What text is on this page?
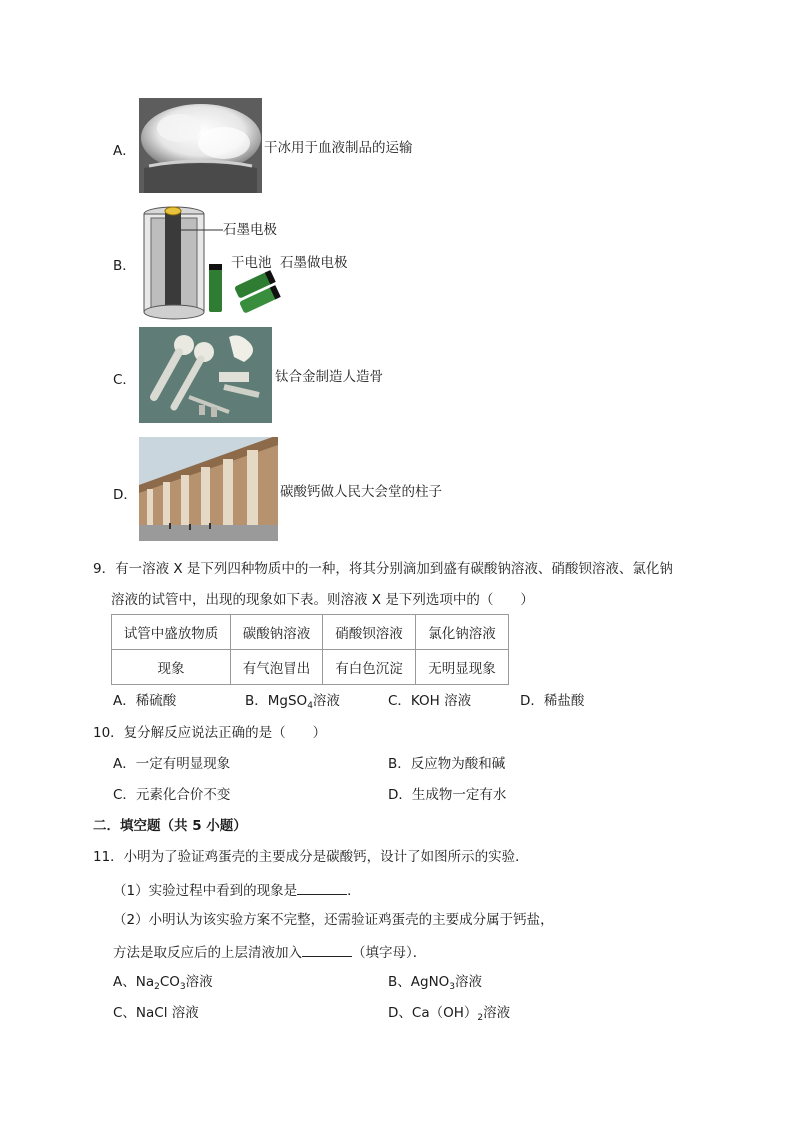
A．	干冰用于血液制品的运输
B．
石墨电极
干电池 石墨做电极
C．	钛合金制造人造骨
D．	碳酸钙做人民大会堂的柱子
9．有一溶液 X 是下列四种物质中的一种，将其分别滴加到盛有碳酸钠溶液、硝酸钡溶液、氯化钠
溶液的试管中，出现的现象如下表。则溶液 X 是下列选项中的（　　）
试管中盛放物质	碳酸钠溶液	硝酸钡溶液	氯化钠溶液
现象	有气泡冒出	有白色沉淀	无明显现象
A．稀硫酸	B．MgSO$_4$溶液	C．KOH 溶液	D．稀盐酸
10．复分解反应说法正确的是（　　）
A．一定有明显现象	B．反应物为酸和碱
C．元素化合价不变	D．生成物一定有水
二．填空题（共 5 小题）
11．小明为了验证鸡蛋壳的主要成分是碳酸钙，设计了如图所示的实验．
（1）实验过程中看到的现象是	．
（2）小明认为该实验方案不完整，还需验证鸡蛋壳的主要成分属于钙盐，
方法是取反应后的上层清液加入	（填字母）．
A、$Na_2CO_3$溶液	B、AgNO$_3$溶液
C、NaCl 溶液	D、$Ca(OH)_2$溶液
